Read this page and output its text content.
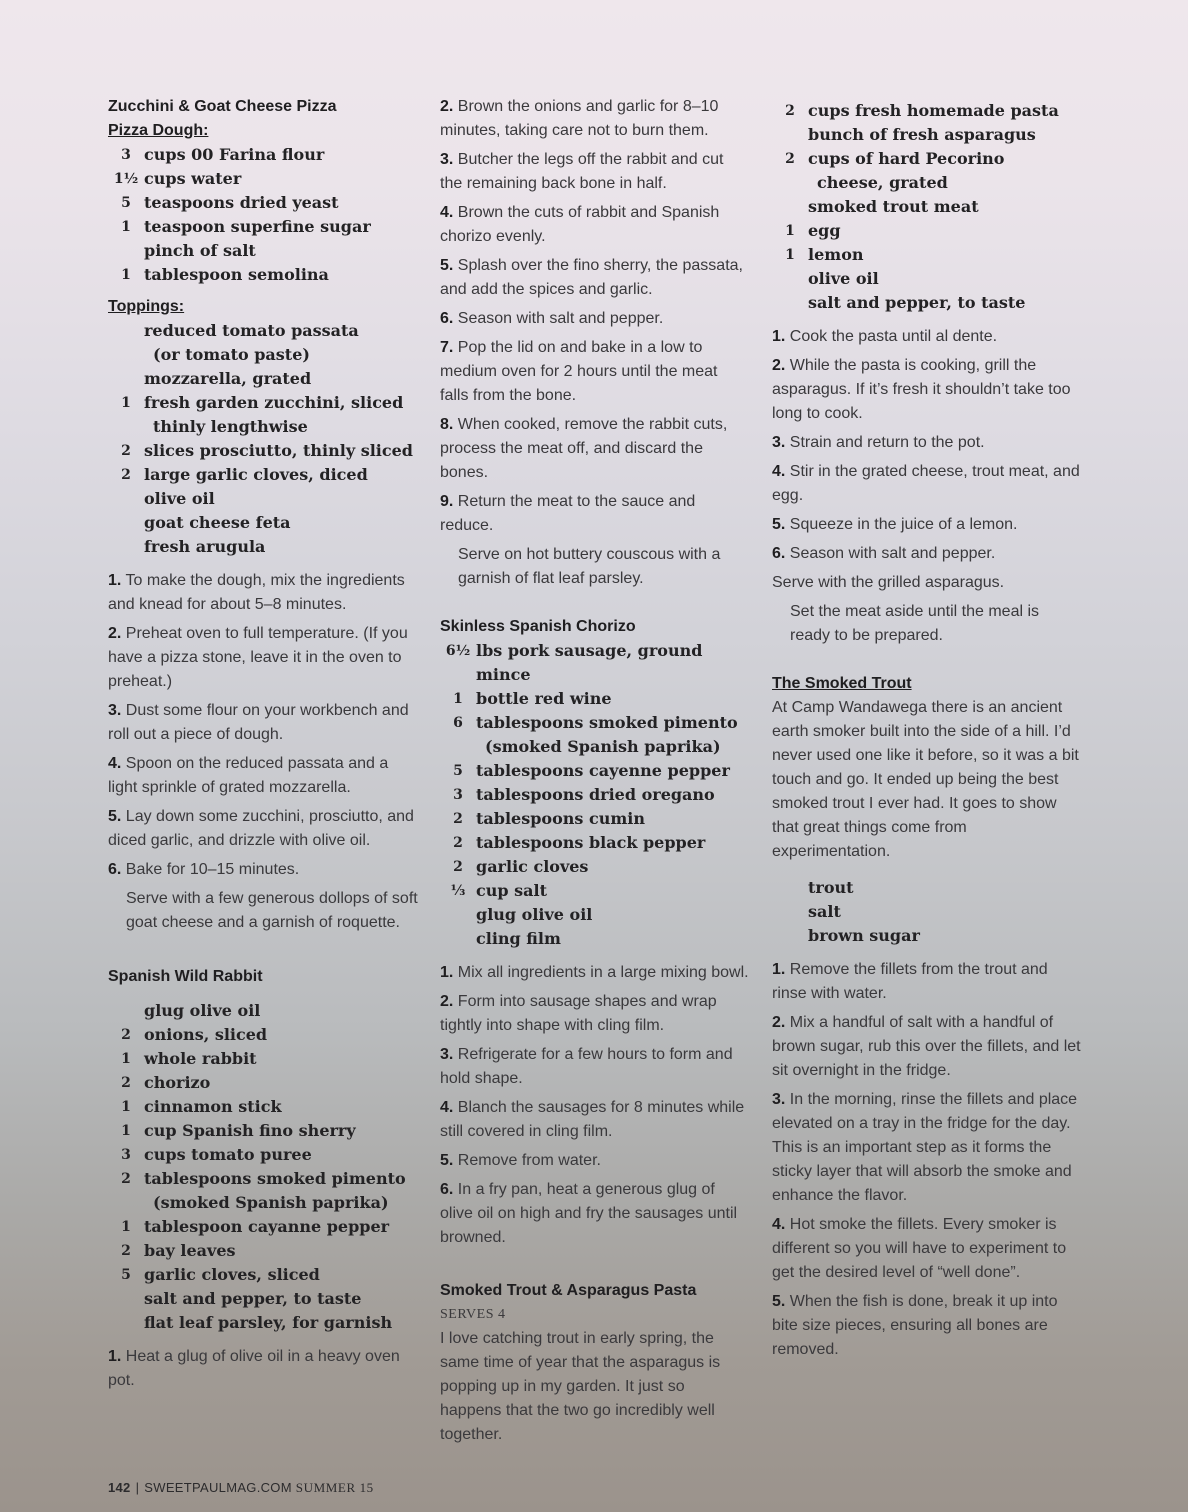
Zucchini & Goat Cheese Pizza
Pizza Dough:
3 cups 00 Farina flour
1½ cups water
5 teaspoons dried yeast
1 teaspoon superfine sugar
pinch of salt
1 tablespoon semolina
Toppings:
reduced tomato passata
(or tomato paste)
mozzarella, grated
1 fresh garden zucchini, sliced
thinly lengthwise
2 slices prosciutto, thinly sliced
2 large garlic cloves, diced
olive oil
goat cheese feta
fresh arugula

1. To make the dough, mix the ingredients and knead for about 5–8 minutes.

2. Preheat oven to full temperature. (If you have a pizza stone, leave it in the oven to preheat.)

3. Dust some flour on your workbench and roll out a piece of dough.

4. Spoon on the reduced passata and a light sprinkle of grated mozzarella.

5. Lay down some zucchini, prosciutto, and diced garlic, and drizzle with olive oil.

6. Bake for 10–15 minutes.

Serve with a few generous dollops of soft goat cheese and a garnish of roquette.
Spanish Wild Rabbit
glug olive oil
2 onions, sliced
1 whole rabbit
2 chorizo
1 cinnamon stick
1 cup Spanish fino sherry
3 cups tomato puree
2 tablespoons smoked pimento
(smoked Spanish paprika)
1 tablespoon cayanne pepper
2 bay leaves
5 garlic cloves, sliced
salt and pepper, to taste
flat leaf parsley, for garnish

1. Heat a glug of olive oil in a heavy oven pot.

2. Brown the onions and garlic for 8–10 minutes, taking care not to burn them.

3. Butcher the legs off the rabbit and cut the remaining back bone in half.

4. Brown the cuts of rabbit and Spanish chorizo evenly.

5. Splash over the fino sherry, the passata, and add the spices and garlic.

6. Season with salt and pepper.

7. Pop the lid on and bake in a low to medium oven for 2 hours until the meat falls from the bone.

8. When cooked, remove the rabbit cuts, process the meat off, and discard the bones.

9. Return the meat to the sauce and reduce.

Serve on hot buttery couscous with a garnish of flat leaf parsley.
Skinless Spanish Chorizo
6½ lbs pork sausage, ground mince
1 bottle red wine
6 tablespoons smoked pimento
(smoked Spanish paprika)
5 tablespoons cayenne pepper
3 tablespoons dried oregano
2 tablespoons cumin
2 tablespoons black pepper
2 garlic cloves
⅓ cup salt
glug olive oil
cling film

1. Mix all ingredients in a large mixing bowl.

2. Form into sausage shapes and wrap tightly into shape with cling film.

3. Refrigerate for a few hours to form and hold shape.

4. Blanch the sausages for 8 minutes while still covered in cling film.

5. Remove from water.

6. In a fry pan, heat a generous glug of olive oil on high and fry the sausages until browned.

Smoked Trout & Asparagus Pasta
SERVES 4

I love catching trout in early spring, the same time of year that the asparagus is popping up in my garden. It just so happens that the two go incredibly well together.

2 cups fresh homemade pasta
bunch of fresh asparagus
2 cups of hard Pecorino
cheese, grated
smoked trout meat
1 egg
1 lemon
olive oil
salt and pepper, to taste

1. Cook the pasta until al dente.

2. While the pasta is cooking, grill the asparagus. If it’s fresh it shouldn’t take too long to cook.

3. Strain and return to the pot.

4. Stir in the grated cheese, trout meat, and egg.

5. Squeeze in the juice of a lemon.

6. Season with salt and pepper.

Serve with the grilled asparagus.

Set the meat aside until the meal is ready to be prepared.
The Smoked Trout

At Camp Wandawega there is an ancient earth smoker built into the side of a hill. I’d never used one like it before, so it was a bit touch and go. It ended up being the best smoked trout I ever had. It goes to show that great things come from experimentation.

trout
salt
brown sugar

1. Remove the fillets from the trout and rinse with water.

2. Mix a handful of salt with a handful of brown sugar, rub this over the fillets, and let sit overnight in the fridge.

3. In the morning, rinse the fillets and place elevated on a tray in the fridge for the day. This is an important step as it forms the sticky layer that will absorb the smoke and enhance the flavor.

4. Hot smoke the fillets. Every smoker is different so you will have to experiment to get the desired level of “well done”.

5. When the fish is done, break it up into bite size pieces, ensuring all bones are removed.

142 | SWEETPAULMAG.COM SUMMER 15
